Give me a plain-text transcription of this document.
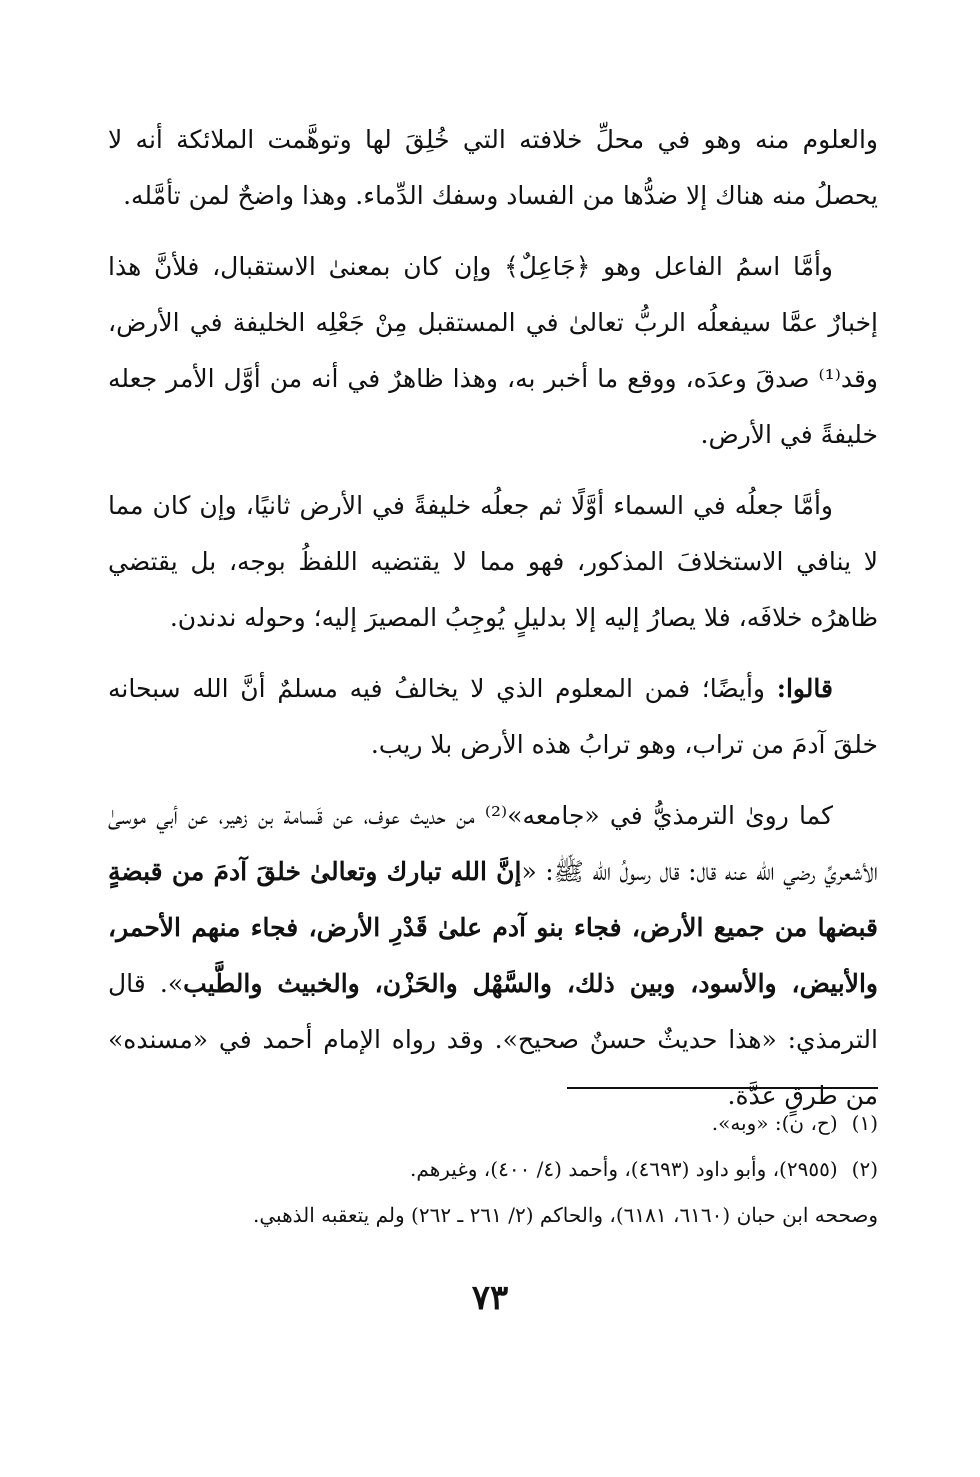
والعلوم منه وهو في محلِّ خلافته التي خُلِقَ لها وتوهَّمت الملائكة أنه لا يحصلُ منه هناك إلا ضدُّها من الفساد وسفك الدِّماء. وهذا واضحٌ لمن تأمَّله.

وأمَّا اسمُ الفاعل وهو ﴿جَاعِلٌ﴾ وإن كان بمعنىٰ الاستقبال، فلأنَّ هذا إخبارٌ عمَّا سيفعلُه الربُّ تعالىٰ في المستقبل مِنْ جَعْلِه الخليفة في الأرض، وقد⁽¹⁾ صدقَ وعدَه، ووقع ما أخبر به، وهذا ظاهرٌ في أنه من أوَّل الأمر جعله خليفةً في الأرض.

وأمَّا جعلُه في السماء أوَّلًا ثم جعلُه خليفةً في الأرض ثانيًا، وإن كان مما لا ينافي الاستخلافَ المذكور، فهو مما لا يقتضيه اللفظُ بوجه، بل يقتضي ظاهرُه خلافَه، فلا يصارُ إليه إلا بدليلٍ يُوجِبُ المصيرَ إليه؛ وحوله ندندن.

قالوا: وأيضًا؛ فمن المعلوم الذي لا يخالفُ فيه مسلمٌ أنَّ الله سبحانه خلقَ آدمَ من تراب، وهو ترابُ هذه الأرض بلا ريب.

كما روىٰ الترمذيُّ في «جامعه»⁽²⁾ من حديث عوف، عن قَسامة بن زهير، عن أبي موسىٰ الأشعريِّ رضي الله عنه قال: قال رسولُ الله ﷺ: «إنَّ الله تبارك وتعالىٰ خلقَ آدمَ من قبضةٍ قبضها من جميع الأرض، فجاء بنو آدم علىٰ قَدْرِ الأرض، فجاء منهم الأحمر، والأبيض، والأسود، وبين ذلك، والسَّهْل والحَزْن، والخبيث والطَّيب». قال الترمذي: «هذا حديثٌ حسنٌ صحيح». وقد رواه الإمام أحمد في «مسنده» من طرقٍ عدَّة.

(١)(ح، ن): «وبه».

(٢)(٢٩٥٥)، وأبو داود (٤٦٩٣)، وأحمد (٤/ ٤٠٠)، وغيرهم.

وصححه ابن حبان (٦١٦٠، ٦١٨١)، والحاكم (٢/ ٢٦١ ـ ٢٦٢) ولم يتعقبه الذهبي.

٧٣
